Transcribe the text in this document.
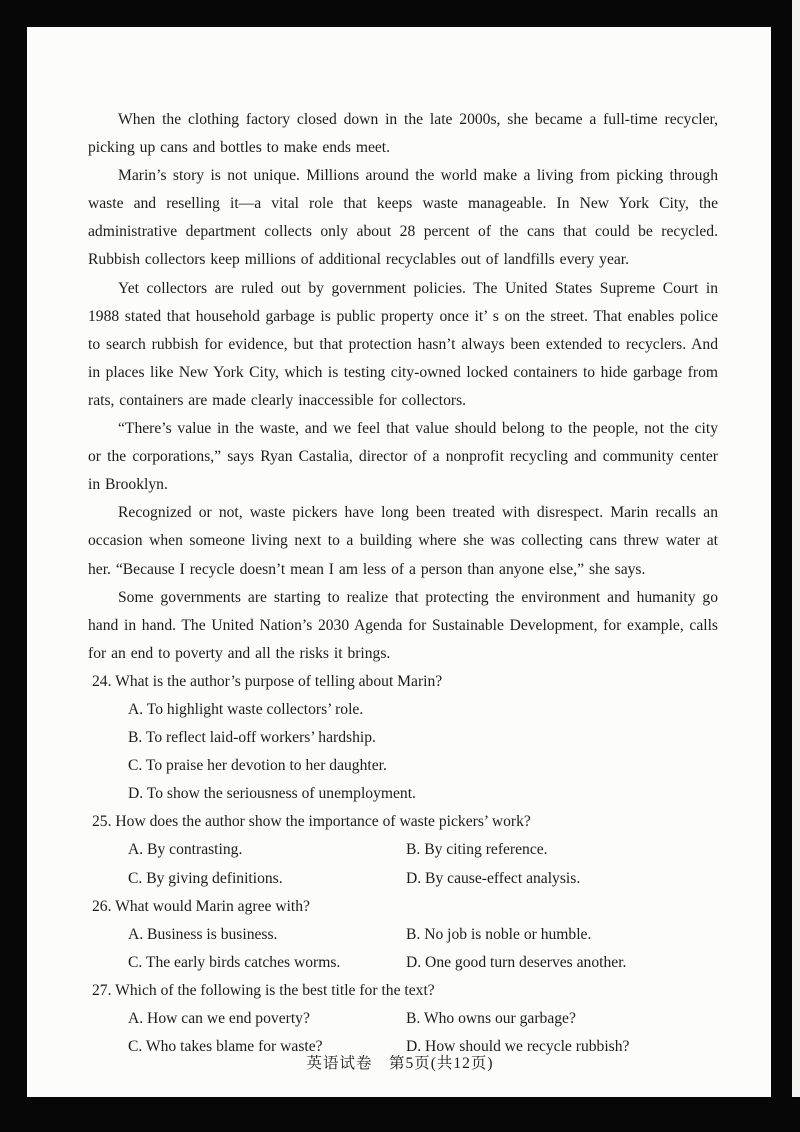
When the clothing factory closed down in the late 2000s, she became a full-time recycler, picking up cans and bottles to make ends meet.

Marin’s story is not unique. Millions around the world make a living from picking through waste and reselling it—a vital role that keeps waste manageable. In New York City, the administrative department collects only about 28 percent of the cans that could be recycled. Rubbish collectors keep millions of additional recyclables out of landfills every year.

Yet collectors are ruled out by government policies. The United States Supreme Court in 1988 stated that household garbage is public property once it’ s on the street. That enables police to search rubbish for evidence, but that protection hasn’t always been extended to recyclers. And in places like New York City, which is testing city-owned locked containers to hide garbage from rats, containers are made clearly inaccessible for collectors.

“There’s value in the waste, and we feel that value should belong to the people, not the city or the corporations,” says Ryan Castalia, director of a nonprofit recycling and community center in Brooklyn.

Recognized or not, waste pickers have long been treated with disrespect. Marin recalls an occasion when someone living next to a building where she was collecting cans threw water at her. “Because I recycle doesn’t mean I am less of a person than anyone else,” she says.

Some governments are starting to realize that protecting the environment and humanity go hand in hand. The United Nation’s 2030 Agenda for Sustainable Development, for example, calls for an end to poverty and all the risks it brings.

24. What is the author’s purpose of telling about Marin?
A. To highlight waste collectors’ role.
B. To reflect laid-off workers’ hardship.
C. To praise her devotion to her daughter.
D. To show the seriousness of unemployment.
25. How does the author show the importance of waste pickers’ work?
A. By contrasting.	B. By citing reference.
C. By giving definitions.	D. By cause-effect analysis.
26. What would Marin agree with?
A. Business is business.	B. No job is noble or humble.
C. The early birds catches worms.	D. One good turn deserves another.
27. Which of the following is the best title for the text?
A. How can we end poverty?	B. Who owns our garbage?
C. Who takes blame for waste?	D. How should we recycle rubbish?
英语试卷　第5页(共12页)
